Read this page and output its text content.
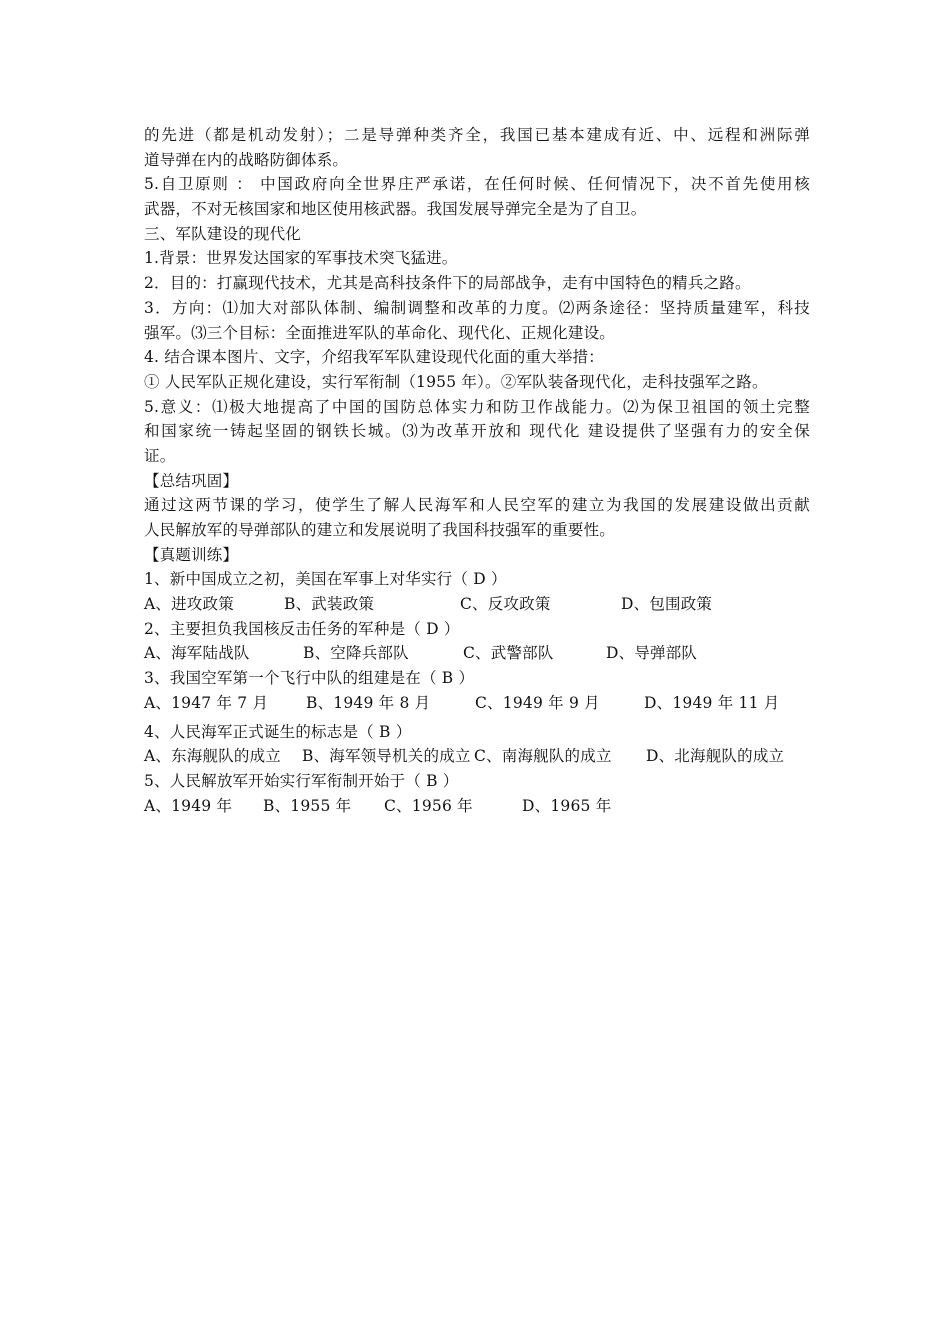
的先进（都是机动发射）；二是导弹种类齐全，我国已基本建成有近、中、远程和洲际弹
道导弹在内的战略防御体系。
5.自卫原则 ： 中国政府向全世界庄严承诺，在任何时候、任何情况下，决不首先使用核
武器，不对无核国家和地区使用核武器。我国发展导弹完全是为了自卫。
三、军队建设的现代化
1.背景：世界发达国家的军事技术突飞猛进。
2．目的：打赢现代技术，尤其是高科技条件下的局部战争，走有中国特色的精兵之路。
3．方向：⑴加大对部队体制、编制调整和改革的力度。⑵两条途径：坚持质量建军，科技
强军。⑶三个目标：全面推进军队的革命化、现代化、正规化建设。
4. 结合课本图片、文字，介绍我军军队建设现代化面的重大举措：
① 人民军队正规化建设，实行军衔制（1955 年）。②军队装备现代化，走科技强军之路。
5.意义：⑴极大地提高了中国的国防总体实力和防卫作战能力。⑵为保卫祖国的领土完整
和国家统一铸起坚固的钢铁长城。⑶为改革开放和 现代化 建设提供了坚强有力的安全保
证。
【总结巩固】
通过这两节课的学习，使学生了解人民海军和人民空军的建立为我国的发展建设做出贡献
人民解放军的导弹部队的建立和发展说明了我国科技强军的重要性。
【真题训练】
1、新中国成立之初，美国在军事上对华实行（ D ）
A、进攻政策	B、武装政策	C、反攻政策	D、包围政策
2、主要担负我国核反击任务的军种是（ D ）
A、海军陆战队	B、空降兵部队	C、武警部队	D、导弹部队
3、我国空军第一个飞行中队的组建是在（ B ）
A、1947 年 7 月 B、1949 年 8 月	C、1949 年 9 月	D、1949 年 11 月
4、人民海军正式诞生的标志是（ B ）
A、东海舰队的成立 B、海军领导机关的成立 C、南海舰队的成立 D、北海舰队的成立
5、人民解放军开始实行军衔制开始于（ B ）
A、1949 年 B、1955 年 C、1956 年	D、1965 年
